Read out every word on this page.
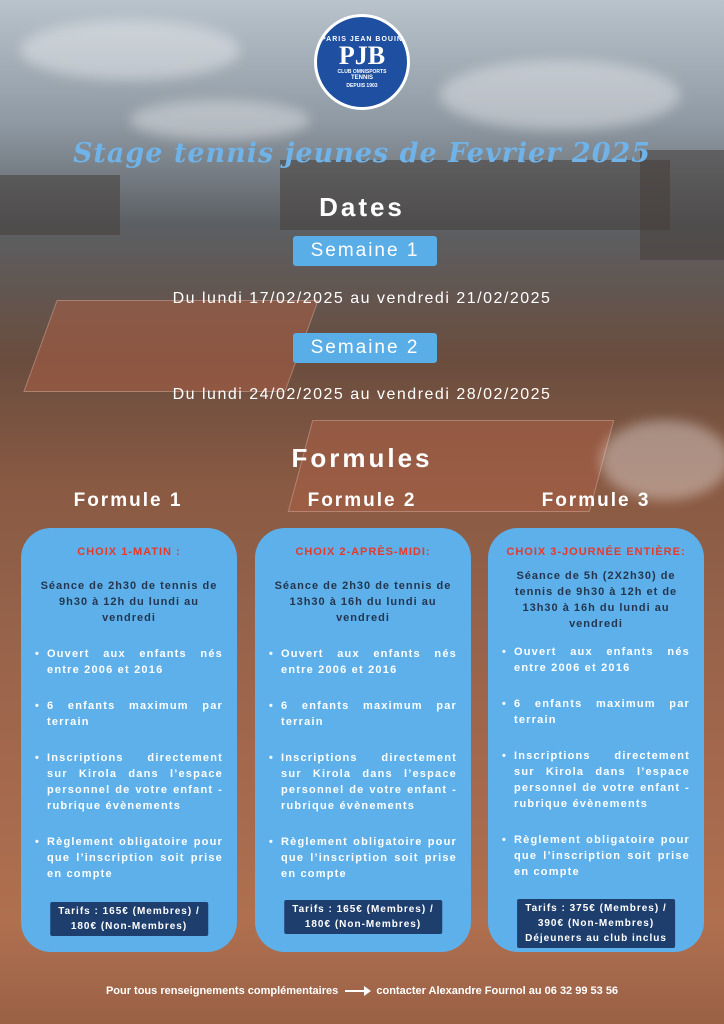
PARIS JEAN BOUIN
PJB
CLUB OMNISPORTS
TENNIS
DEPUIS 1903
Stage tennis jeunes de Fevrier 2025
Dates
Semaine 1
Du lundi 17/02/2025 au vendredi 21/02/2025
Semaine 2
Du lundi 24/02/2025 au vendredi 28/02/2025
Formules
Formule 1	Formule 2	Formule 3
CHOIX 1-MATIN :
Séance de 2h30 de tennis de 9h30 à 12h du lundi au vendredi
• Ouvert aux enfants nés entre 2006 et 2016
• 6 enfants maximum par terrain
• Inscriptions directement sur Kirola dans l’espace personnel de votre enfant - rubrique évènements
• Règlement obligatoire pour que l’inscription soit prise en compte
Tarifs : 165€ (Membres) /
180€ (Non-Membres)
CHOIX 2-APRÈS-MIDI:
Séance de 2h30 de tennis de 13h30 à 16h du lundi au vendredi
• Ouvert aux enfants nés entre 2006 et 2016
• 6 enfants maximum par terrain
• Inscriptions directement sur Kirola dans l’espace personnel de votre enfant - rubrique évènements
• Règlement obligatoire pour que l’inscription soit prise en compte
Tarifs : 165€ (Membres) /
180€ (Non-Membres)
CHOIX 3-JOURNÉE ENTIÈRE:
Séance de 5h (2X2h30) de tennis de 9h30 à 12h et de 13h30 à 16h du lundi au vendredi
• Ouvert aux enfants nés entre 2006 et 2016
• 6 enfants maximum par terrain
• Inscriptions directement sur Kirola dans l’espace personnel de votre enfant - rubrique évènements
• Règlement obligatoire pour que l’inscription soit prise en compte
Tarifs : 375€ (Membres) /
390€ (Non-Membres)
Déjeuners au club inclus
Pour tous renseignements complémentaires	contacter Alexandre Fournol au 06 32 99 53 56
